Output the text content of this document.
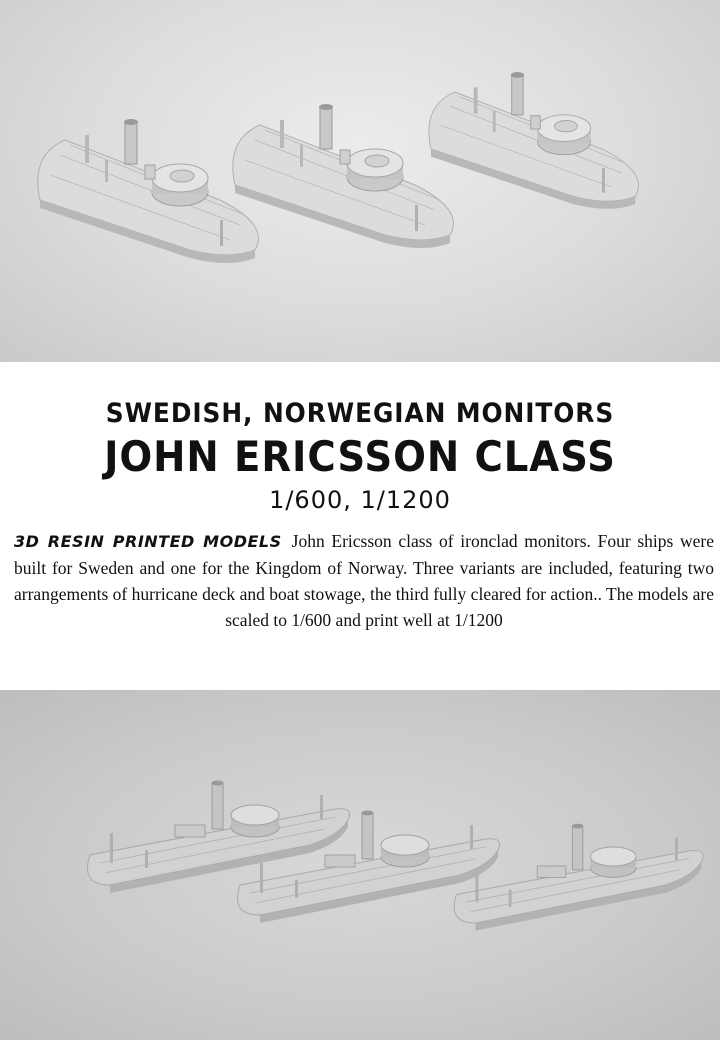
SWEDISH, NORWEGIAN MONITORS
JOHN ERICSSON CLASS
1/600, 1/1200
3D RESIN PRINTED MODELS John Ericsson class of ironclad monitors. Four ships were built for Sweden and one for the Kingdom of Norway. Three variants are included, featuring two arrangements of hurricane deck and boat stowage, the third fully cleared for action.. The models are scaled to 1/600 and print well at 1/1200
